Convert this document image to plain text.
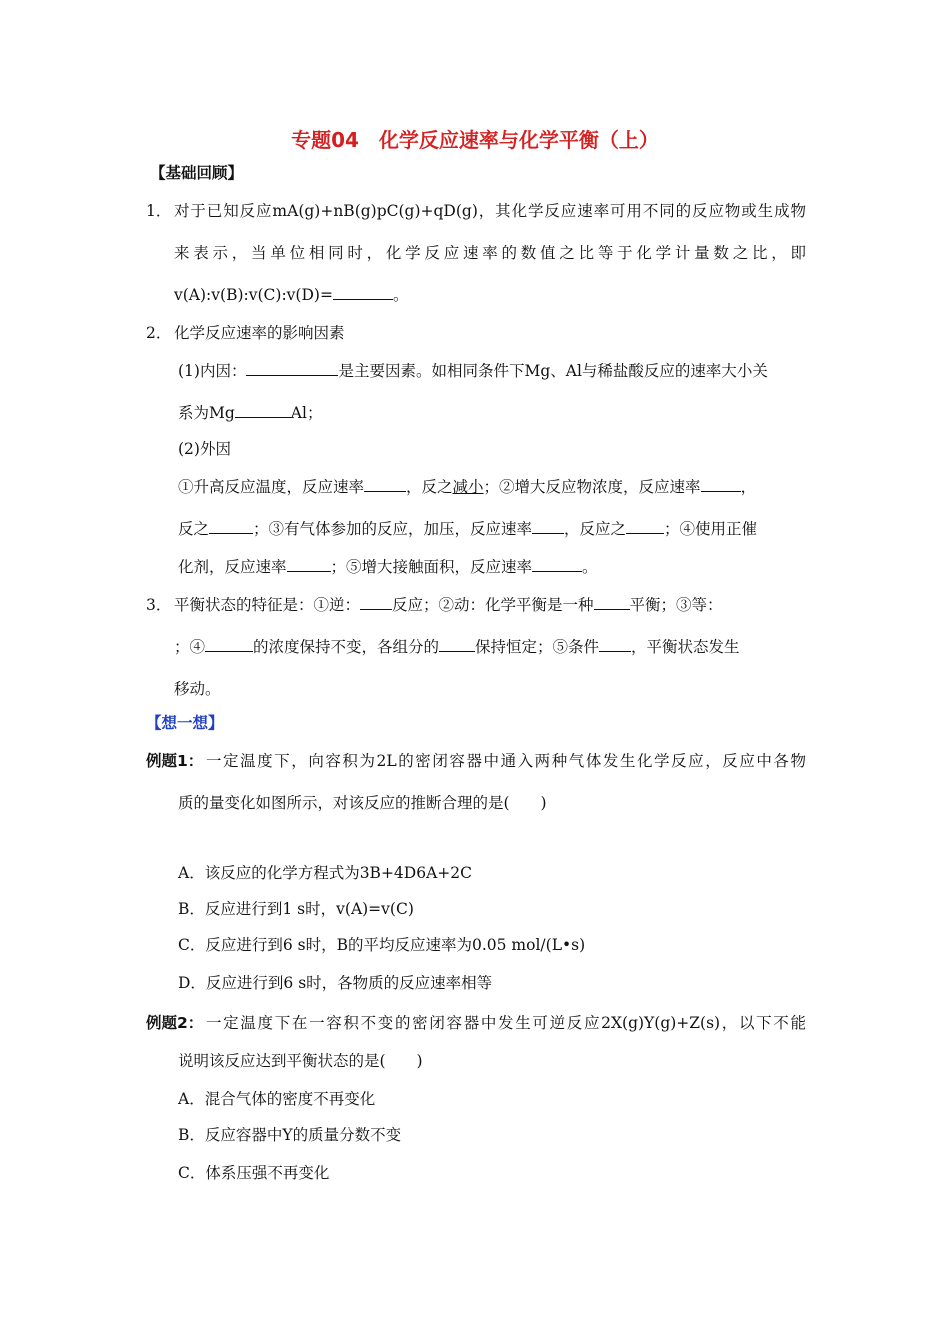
专题04　化学反应速率与化学平衡（上）
【基础回顾】
1． 对于已知反应mA(g)+nB(g)pC(g)+qD(g)，其化学反应速率可用不同的反应物或生成物
来表示，当单位相同时，化学反应速率的数值之比等于化学计量数之比，即
v(A):v(B):v(C):v(D)=	。
2． 化学反应速率的影响因素
(1)内因：	是主要因素。如相同条件下Mg、Al与稀盐酸反应的速率大小关
系为Mg	Al；
(2)外因
①升高反应温度，反应速率	，反之减小；②增大反应物浓度，反应速率	，
反之	；③有气体参加的反应，加压，反应速率 ，反应之 ；④使用正催
化剂，反应速率	；⑤增大接触面积，反应速率	。
3． 平衡状态的特征是：①逆： 反应；②动：化学平衡是一种 平衡；③等：
；④	的浓度保持不变，各组分的 保持恒定；⑤条件 ，平衡状态发生
移动。
【想一想】
例题1： 一定温度下，向容积为2L的密闭容器中通入两种气体发生化学反应，反应中各物
质的量变化如图所示，对该反应的推断合理的是(　　)
A．该反应的化学方程式为3B+4D6A+2C
B．反应进行到1 s时，v(A)=v(C)
C．反应进行到6 s时，B的平均反应速率为0.05 mol/(L•s)
D．反应进行到6 s时，各物质的反应速率相等
例题2： 一定温度下在一容积不变的密闭容器中发生可逆反应2X(g)Y(g)+Z(s)，以下不能
说明该反应达到平衡状态的是(　　)
A．混合气体的密度不再变化
B．反应容器中Y的质量分数不变
C．体系压强不再变化
